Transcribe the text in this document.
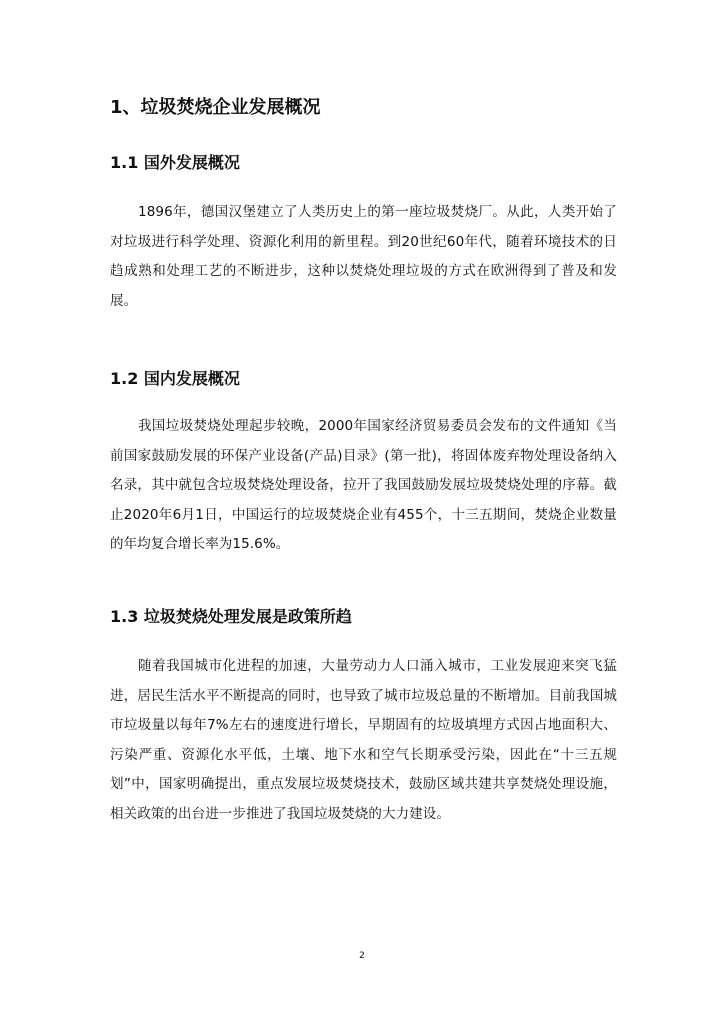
1、垃圾焚烧企业发展概况
1.1 国外发展概况

1896年，德国汉堡建立了人类历史上的第一座垃圾焚烧厂。从此，人类开始了对垃圾进行科学处理、资源化利用的新里程。到20世纪60年代，随着环境技术的日趋成熟和处理工艺的不断进步，这种以焚烧处理垃圾的方式在欧洲得到了普及和发展。

1.2 国内发展概况

我国垃圾焚烧处理起步较晚，2000年国家经济贸易委员会发布的文件通知《当前国家鼓励发展的环保产业设备(产品)目录》(第一批)，将固体废弃物处理设备纳入名录，其中就包含垃圾焚烧处理设备，拉开了我国鼓励发展垃圾焚烧处理的序幕。截止2020年6月1日，中国运行的垃圾焚烧企业有455个，十三五期间，焚烧企业数量的年均复合增长率为15.6%。

1.3 垃圾焚烧处理发展是政策所趋

随着我国城市化进程的加速，大量劳动力人口涌入城市，工业发展迎来突飞猛进，居民生活水平不断提高的同时，也导致了城市垃圾总量的不断增加。目前我国城市垃圾量以每年7%左右的速度进行增长，早期固有的垃圾填埋方式因占地面积大、污染严重、资源化水平低，土壤、地下水和空气长期承受污染，因此在“十三五规划”中，国家明确提出，重点发展垃圾焚烧技术，鼓励区域共建共享焚烧处理设施，相关政策的出台进一步推进了我国垃圾焚烧的大力建设。

2
